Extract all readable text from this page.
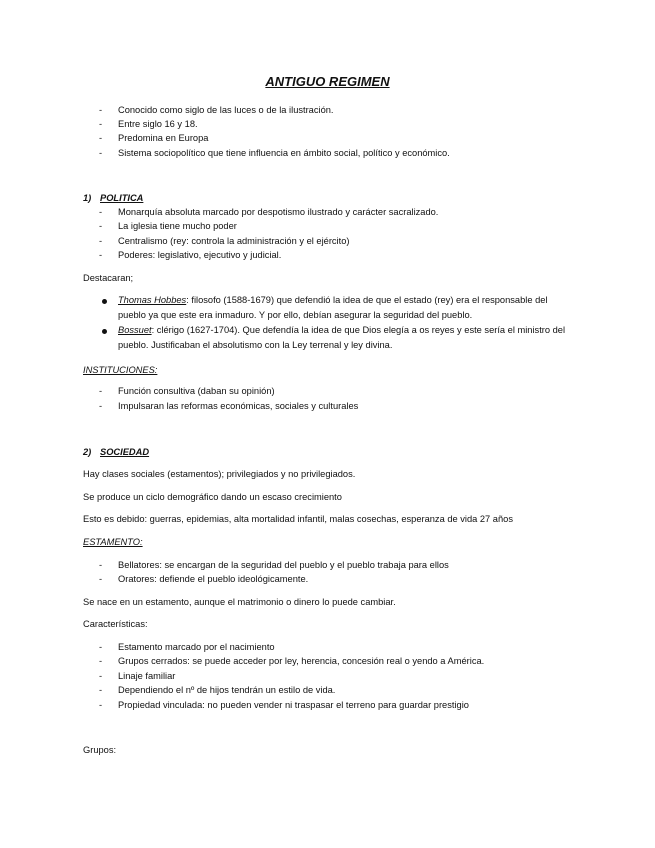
ANTIGUO REGIMEN
- Conocido como siglo de las luces o de la ilustración.
- Entre siglo 16 y 18.
- Predomina en Europa
- Sistema sociopolítico que tiene influencia en ámbito social, político y económico.
1) POLITICA
- Monarquía absoluta marcado por despotismo ilustrado y carácter sacralizado.
- La iglesia tiene mucho poder
- Centralismo (rey: controla la administración y el ejército)
- Poderes: legislativo, ejecutivo y judicial.
Destacaran;
Thomas Hobbes: filosofo (1588-1679) que defendió la idea de que el estado (rey) era el responsable del pueblo ya que este era inmaduro. Y por ello, debían asegurar la seguridad del pueblo.
Bossuet: clérigo (1627-1704). Que defendía la idea de que Dios elegía a os reyes y este sería el ministro del pueblo. Justificaban el absolutismo con la Ley terrenal y ley divina.
INSTITUCIONES:
- Función consultiva (daban su opinión)
- Impulsaran las reformas económicas, sociales y culturales
2) SOCIEDAD
Hay clases sociales (estamentos); privilegiados y no privilegiados.
Se produce un ciclo demográfico dando un escaso crecimiento
Esto es debido: guerras, epidemias, alta mortalidad infantil, malas cosechas, esperanza de vida 27 años
ESTAMENTO:
- Bellatores: se encargan de la seguridad del pueblo y el pueblo trabaja para ellos
- Oratores: defiende el pueblo ideológicamente.
Se nace en un estamento, aunque el matrimonio o dinero lo puede cambiar.
Características:
- Estamento marcado por el nacimiento
- Grupos cerrados: se puede acceder por ley, herencia, concesión real o yendo a América.
- Linaje familiar
- Dependiendo el nº de hijos tendrán un estilo de vida.
- Propiedad vinculada: no pueden vender ni traspasar el terreno para guardar prestigio
Grupos:
